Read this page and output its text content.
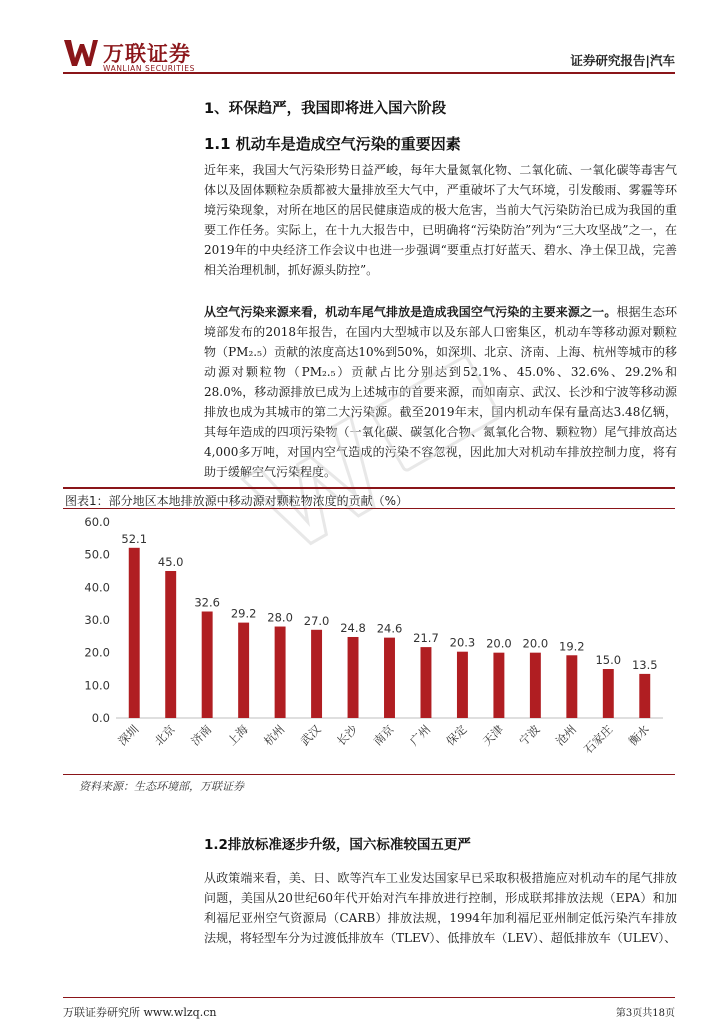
万联证券
WANLIAN SECURITIES
证券研究报告|汽车
1、环保趋严，我国即将进入国六阶段
1.1 机动车是造成空气污染的重要因素

近年来，我国大气污染形势日益严峻，每年大量氮氧化物、二氧化硫、一氧化碳等毒害气体以及固体颗粒杂质都被大量排放至大气中，严重破坏了大气环境，引发酸雨、雾霾等环境污染现象，对所在地区的居民健康造成的极大危害，当前大气污染防治已成为我国的重要工作任务。实际上，在十九大报告中，已明确将“污染防治”列为“三大攻坚战”之一，在2019年的中央经济工作会议中也进一步强调“要重点打好蓝天、碧水、净土保卫战，完善相关治理机制，抓好源头防控”。

从空气污染来源来看，机动车尾气排放是造成我国空气污染的主要来源之一。根据生态环境部发布的2018年报告，在国内大型城市以及东部人口密集区，机动车等移动源对颗粒物（PM₂.₅）贡献的浓度高达10%到50%，如深圳、北京、济南、上海、杭州等城市的移动源对颗粒物（PM₂.₅）贡献占比分别达到52.1%、45.0%、32.6%、29.2%和28.0%，移动源排放已成为上述城市的首要来源，而如南京、武汉、长沙和宁波等移动源排放也成为其城市的第二大污染源。截至2019年末，国内机动车保有量高达3.48亿辆，其每年造成的四项污染物（一氧化碳、碳氢化合物、氮氧化合物、颗粒物）尾气排放高达4,000多万吨，对国内空气造成的污染不容忽视，因此加大对机动车排放控制力度，将有助于缓解空气污染程度。

图表1：部分地区本地排放源中移动源对颗粒物浓度的贡献（%）
0.0
10.0
20.0
30.0
40.0
50.0
60.0
52.1
深圳
45.0
北京
32.6
济南
29.2
上海
28.0
杭州
27.0
武汉
24.8
长沙
24.6
南京
21.7
广州
20.3
保定
20.0
天津
20.0
宁波
19.2
沧州
15.0
石家庄
13.5
衡水
资料来源：生态环境部，万联证券
1.2排放标准逐步升级，国六标准较国五更严

从政策端来看，美、日、欧等汽车工业发达国家早已采取积极措施应对机动车的尾气排放问题，美国从20世纪60年代开始对汽车排放进行控制，形成联邦排放法规（EPA）和加利福尼亚州空气资源局（CARB）排放法规，1994年加利福尼亚州制定低污染汽车排放法规，将轻型车分为过渡低排放车（TLEV）、低排放车（LEV）、超低排放车（ULEV）、

万联证券研究所 www.wlzq.cn	第3页共18页
